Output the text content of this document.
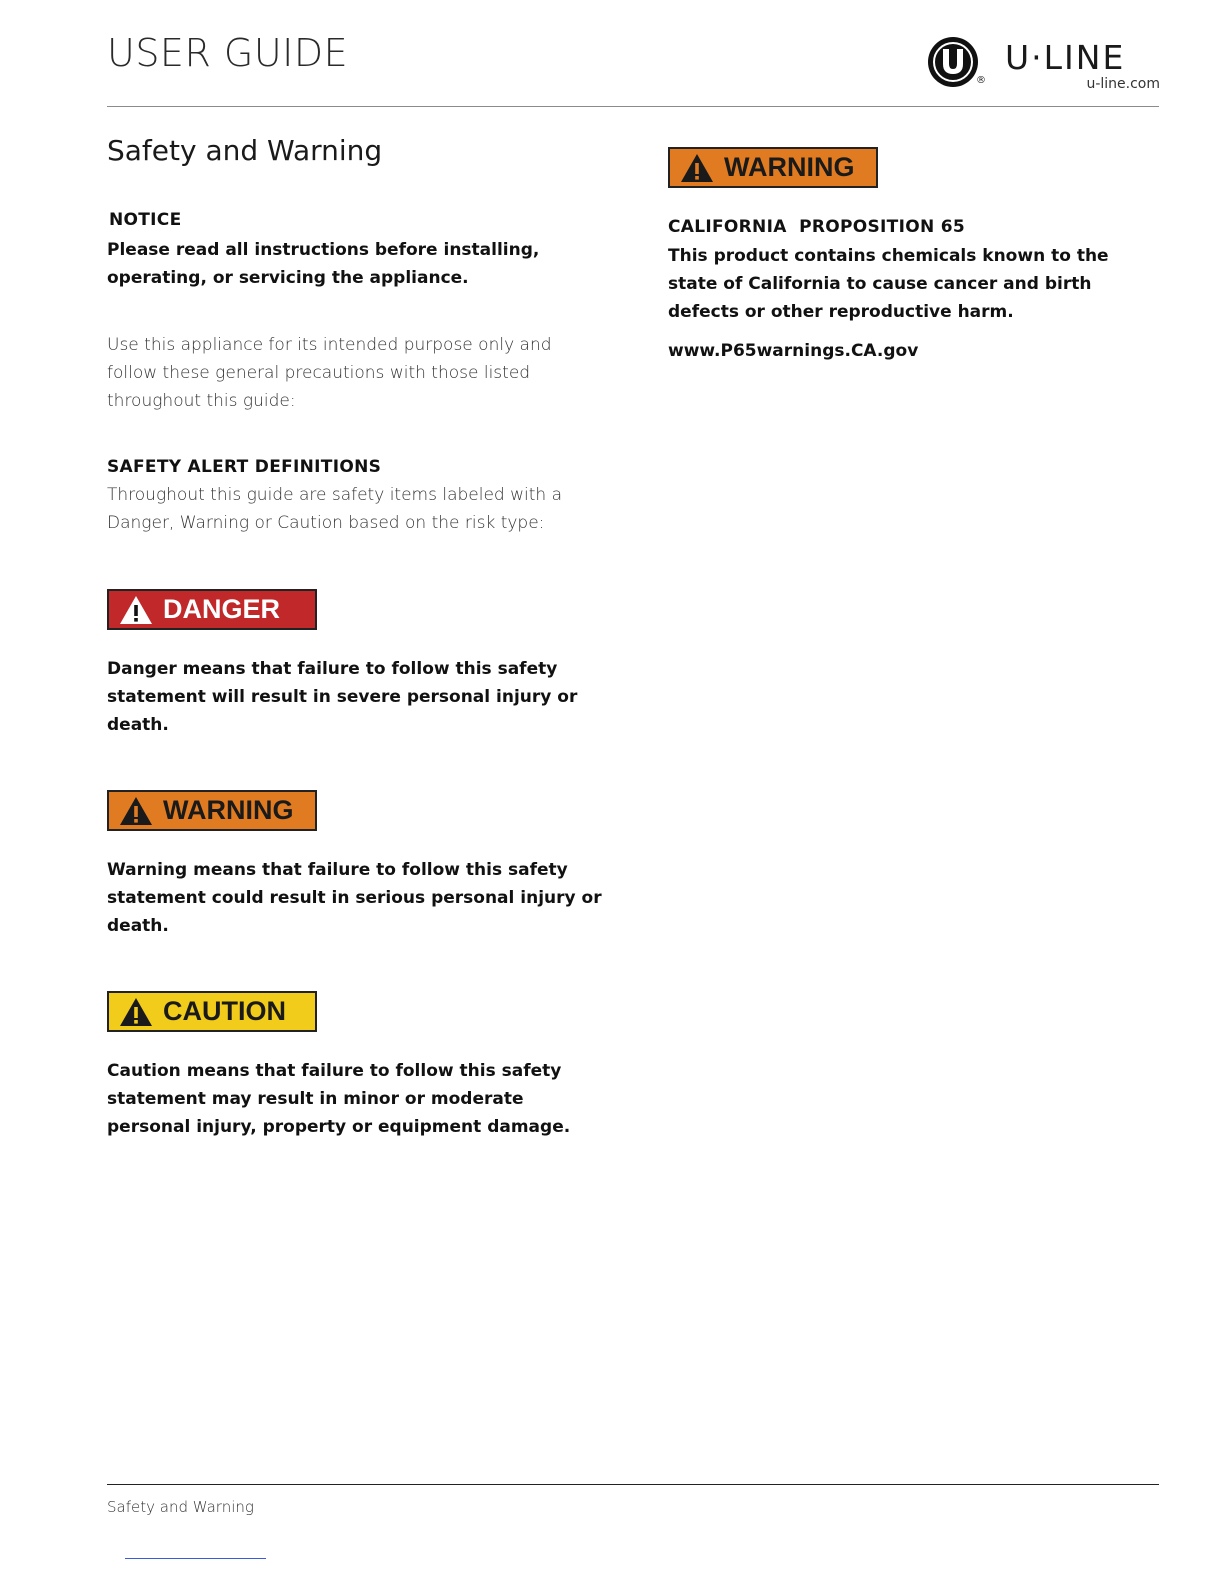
USER GUIDE
®
U·LINE
u-line.com
Safety and Warning
NOTICE

Please read all instructions before installing, operating, or servicing the appliance.

Use this appliance for its intended purpose only and follow these general precautions with those listed throughout this guide:

SAFETY ALERT DEFINITIONS

Throughout this guide are safety items labeled with a Danger, Warning or Caution based on the risk type:

DANGER

Danger means that failure to follow this safety statement will result in severe personal injury or death.

WARNING

Warning means that failure to follow this safety statement could result in serious personal injury or death.

CAUTION

Caution means that failure to follow this safety statement may result in minor or moderate personal injury, property or equipment damage.

WARNING
CALIFORNIA  PROPOSITION 65

This product contains chemicals known to the state of California to cause cancer and birth defects or other reproductive harm.

www.P65warnings.CA.gov

Safety and Warning
